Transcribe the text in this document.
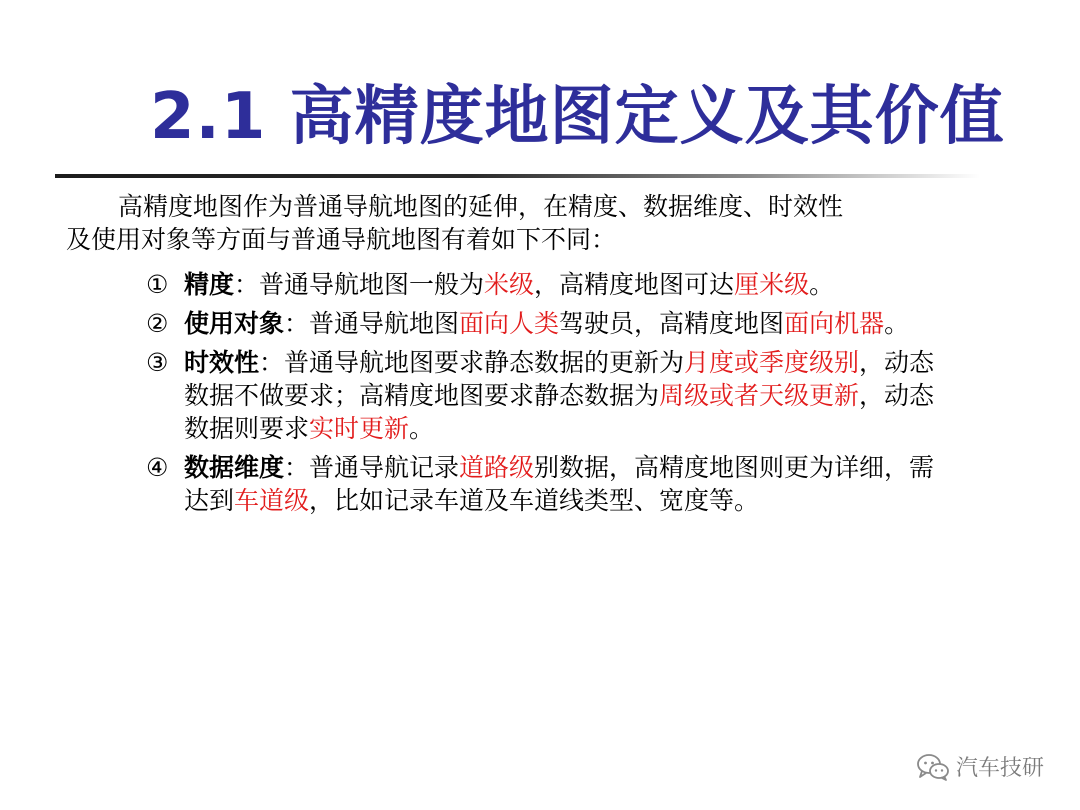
2.1 高精度地图定义及其价值

高精度地图作为普通导航地图的延伸，在精度、数据维度、时效性
及使用对象等方面与普通导航地图有着如下不同：

① 精度：普通导航地图一般为米级，高精度地图可达厘米级。
② 使用对象：普通导航地图面向人类驾驶员，高精度地图面向机器。
③ 时效性：普通导航地图要求静态数据的更新为月度或季度级别，动态数据不做要求；高精度地图要求静态数据为周级或者天级更新，动态数据则要求实时更新。
④ 数据维度：普通导航记录道路级别数据，高精度地图则更为详细，需达到车道级，比如记录车道及车道线类型、宽度等。
汽车技研
